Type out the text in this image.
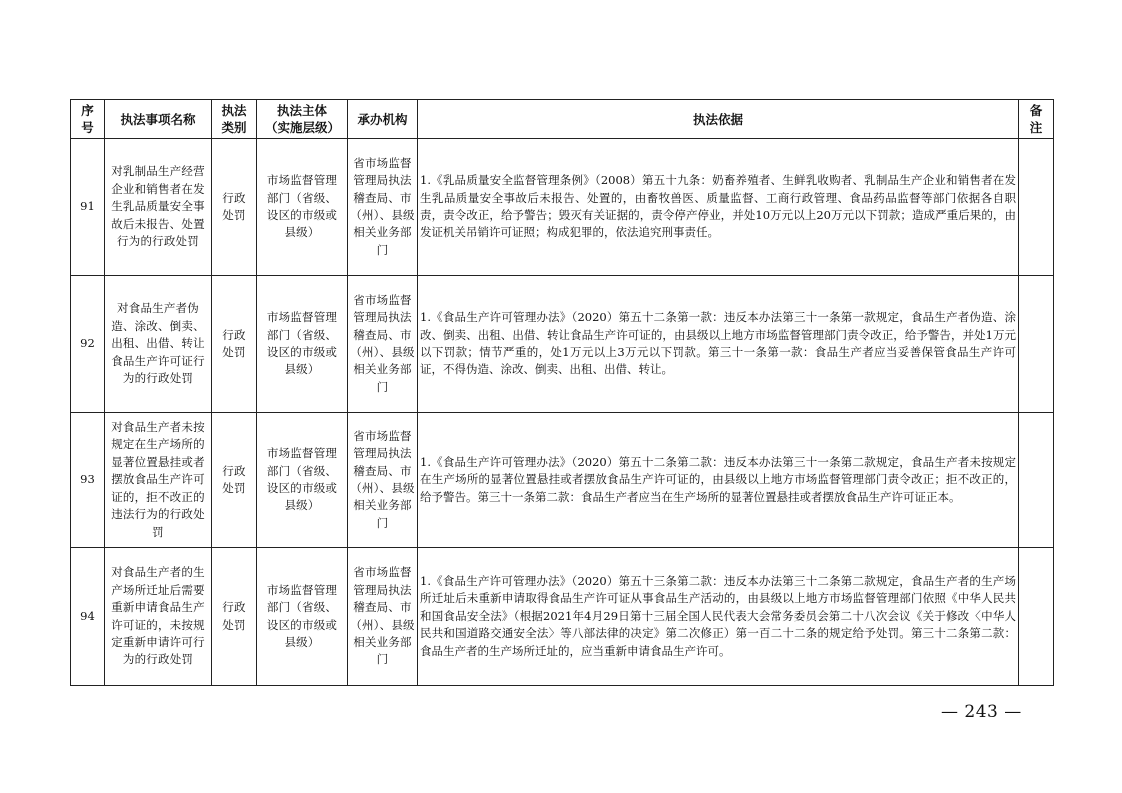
序号	执法事项名称	执法类别	执法主体（实施层级）	承办机构	执法依据	备注
91	对乳制品生产经营企业和销售者在发生乳品质量安全事故后未报告、处置行为的行政处罚	行政处罚	市场监督管理部门（省级、设区的市级或县级）	省市场监督管理局执法稽查局、市（州）、县级相关业务部门	1.《乳品质量安全监督管理条例》（2008）第五十九条：奶畜养殖者、生鲜乳收购者、乳制品生产企业和销售者在发生乳品质量安全事故后未报告、处置的，由畜牧兽医、质量监督、工商行政管理、食品药品监督等部门依据各自职责，责令改正，给予警告；毁灭有关证据的，责令停产停业，并处10万元以上20万元以下罚款；造成严重后果的，由发证机关吊销许可证照；构成犯罪的，依法追究刑事责任。	
92	对食品生产者伪造、涂改、倒卖、出租、出借、转让食品生产许可证行为的行政处罚	行政处罚	市场监督管理部门（省级、设区的市级或县级）	省市场监督管理局执法稽查局、市（州）、县级相关业务部门	1.《食品生产许可管理办法》（2020）第五十二条第一款：违反本办法第三十一条第一款规定，食品生产者伪造、涂改、倒卖、出租、出借、转让食品生产许可证的，由县级以上地方市场监督管理部门责令改正，给予警告，并处1万元以下罚款；情节严重的，处1万元以上3万元以下罚款。第三十一条第一款：食品生产者应当妥善保管食品生产许可证，不得伪造、涂改、倒卖、出租、出借、转让。	
93	对食品生产者未按规定在生产场所的显著位置悬挂或者摆放食品生产许可证的，拒不改正的违法行为的行政处罚	行政处罚	市场监督管理部门（省级、设区的市级或县级）	省市场监督管理局执法稽查局、市（州）、县级相关业务部门	1.《食品生产许可管理办法》（2020）第五十二条第二款：违反本办法第三十一条第二款规定，食品生产者未按规定在生产场所的显著位置悬挂或者摆放食品生产许可证的，由县级以上地方市场监督管理部门责令改正；拒不改正的，给予警告。第三十一条第二款：食品生产者应当在生产场所的显著位置悬挂或者摆放食品生产许可证正本。	
94	对食品生产者的生产场所迁址后需要重新申请食品生产许可证的，未按规定重新申请许可行为的行政处罚	行政处罚	市场监督管理部门（省级、设区的市级或县级）	省市场监督管理局执法稽查局、市（州）、县级相关业务部门	1.《食品生产许可管理办法》（2020）第五十三条第二款：违反本办法第三十二条第二款规定，食品生产者的生产场所迁址后未重新申请取得食品生产许可证从事食品生产活动的，由县级以上地方市场监督管理部门依照《中华人民共和国食品安全法》（根据2021年4月29日第十三届全国人民代表大会常务委员会第二十八次会议《关于修改〈中华人民共和国道路交通安全法〉等八部法律的决定》第二次修正）第一百二十二条的规定给予处罚。第三十二条第二款：食品生产者的生产场所迁址的，应当重新申请食品生产许可。	
— 243 —
